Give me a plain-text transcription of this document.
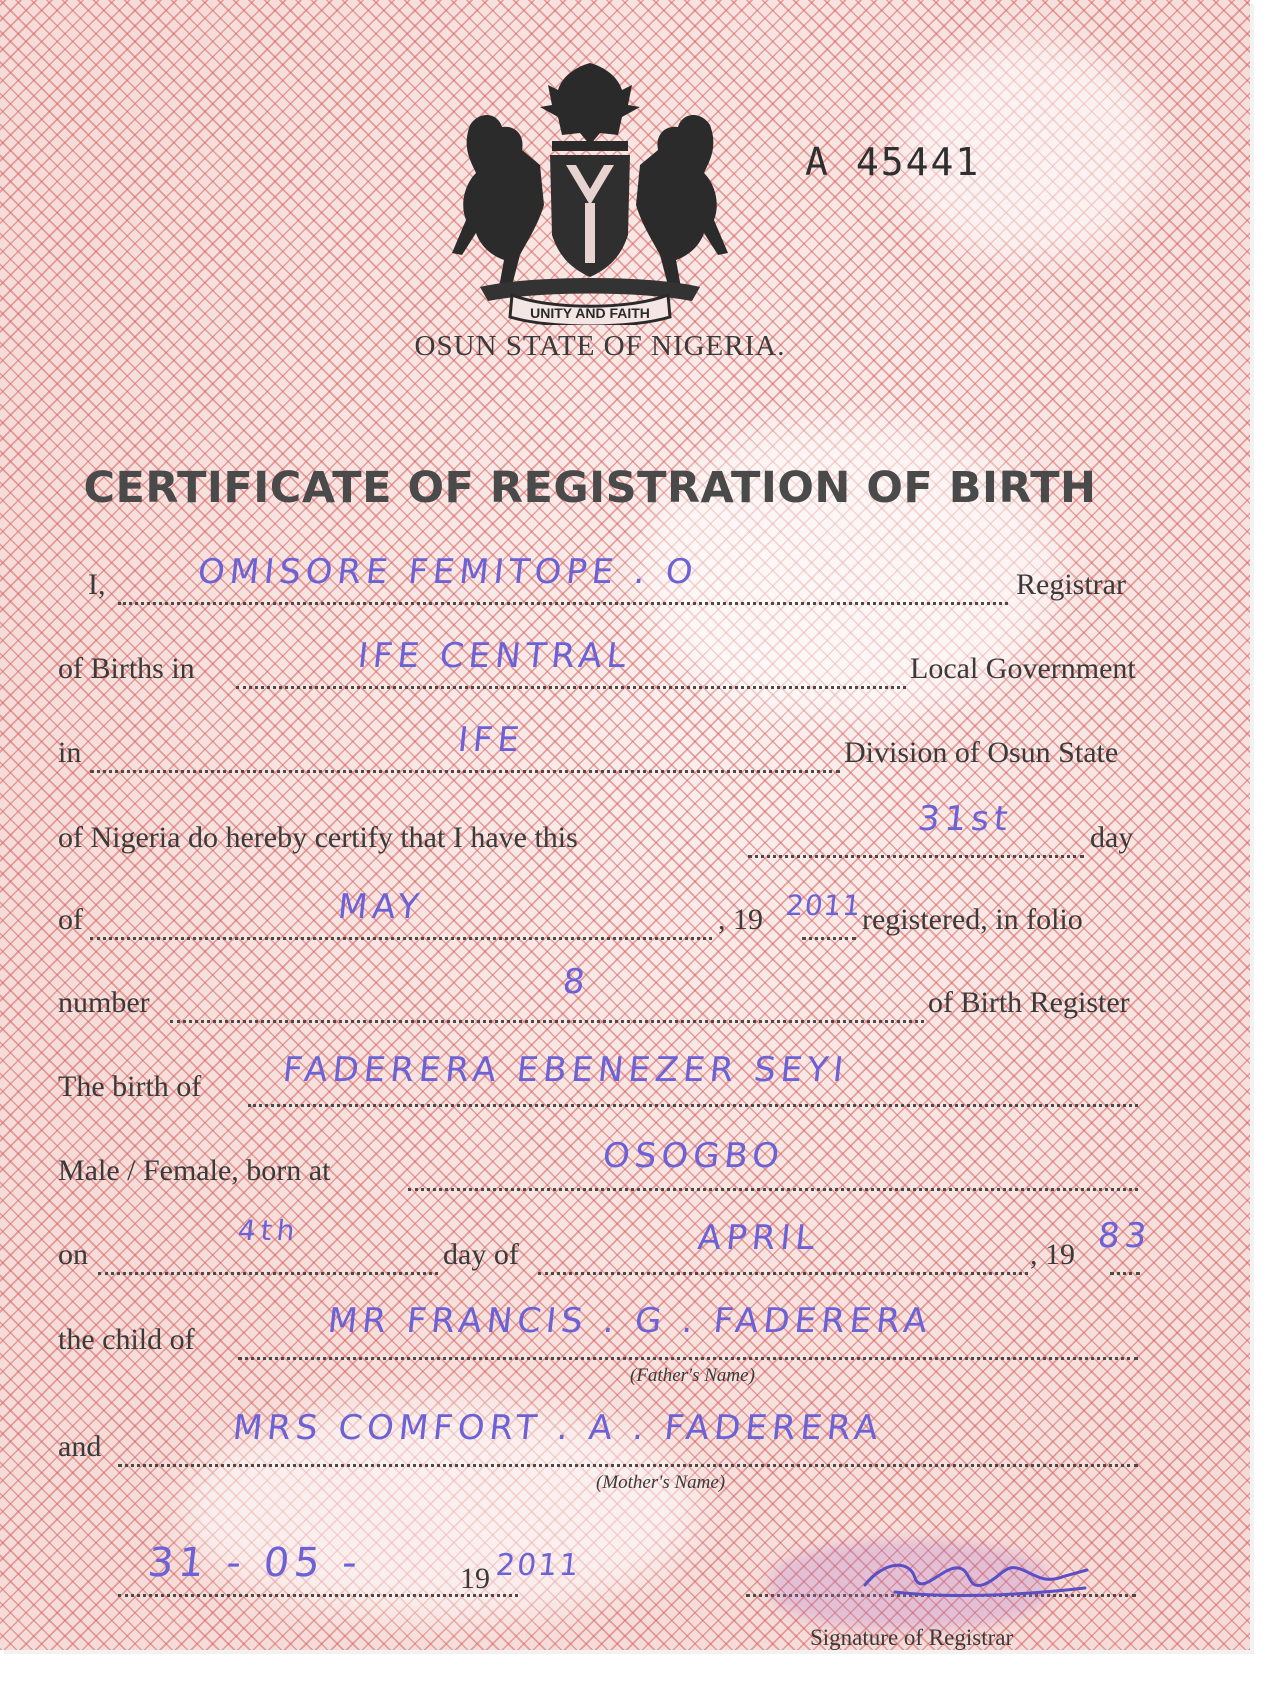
UNITY AND FAITH
A 45441
OSUN STATE OF NIGERIA.
CERTIFICATE OF REGISTRATION OF BIRTH
I,	Registrar
OMISORE FEMITOPE . O
of Births in	Local Government
IFE CENTRAL
in	Division of Osun State
IFE
of Nigeria do hereby certify that I have this	day
31st
of	, 19	registered, in folio
MAY	2011
number	of Birth Register
8
The birth of FADERERA EBENEZER SEYI
Male / Female, born at	OSOGBO
on	day of	, 19
4th	APRIL	83
the child of	MR FRANCIS . G . FADERERA
(Father's Name)
and	MRS COMFORT . A . FADERERA
(Mother's Name)
31 - 05 -	19 2011
Signature of Registrar
